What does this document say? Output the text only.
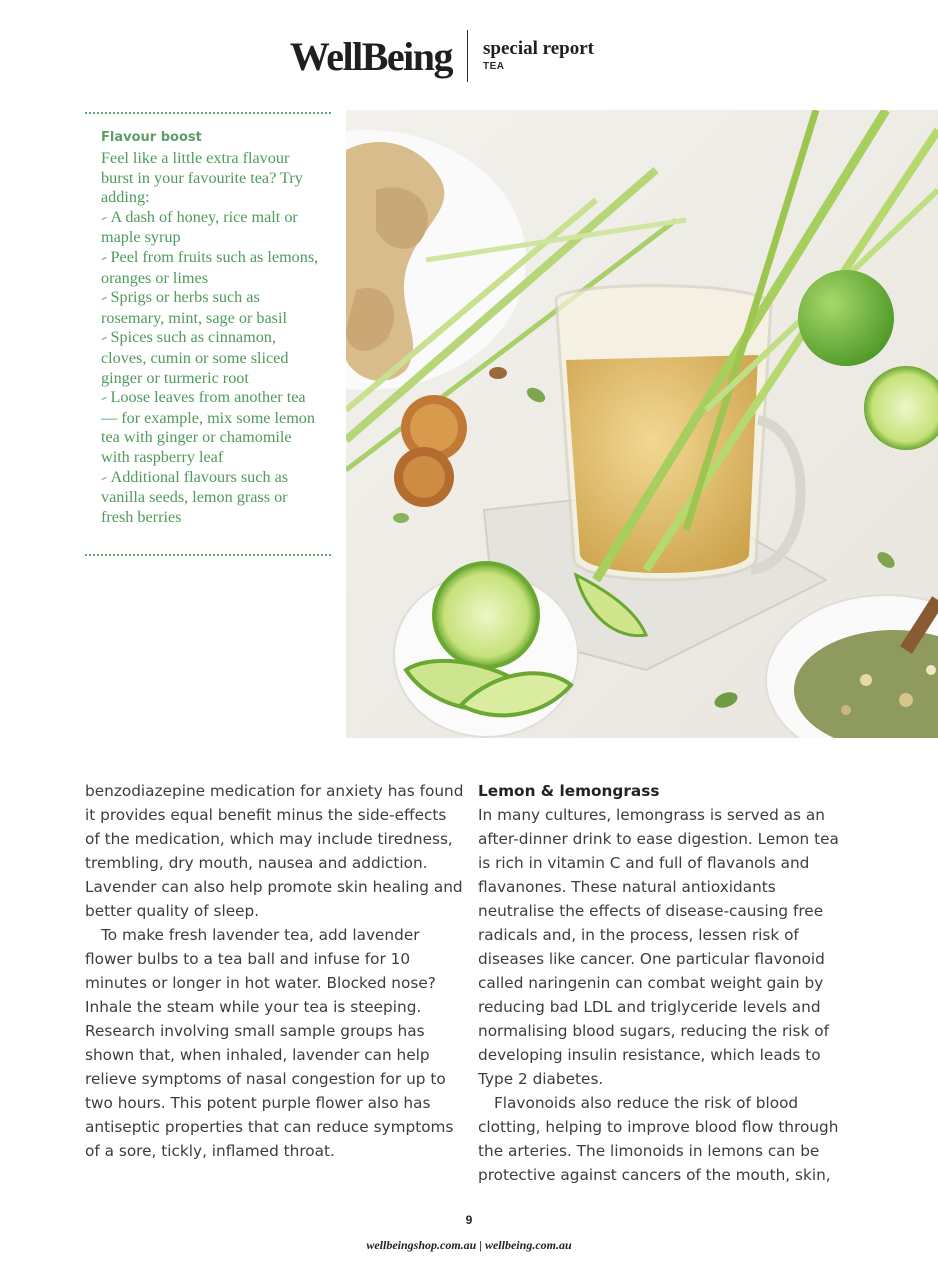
WellBeing special report
TEA
Flavour boost

Feel like a little extra flavour burst in your favourite tea? Try adding:

–A dash of honey, rice malt or maple syrup

–Peel from fruits such as lemons, oranges or limes

–Sprigs or herbs such as rosemary, mint, sage or basil

–Spices such as cinnamon, cloves, cumin or some sliced ginger or turmeric root

–Loose leaves from another tea — for example, mix some lemon tea with ginger or chamomile with raspberry leaf

–Additional flavours such as vanilla seeds, lemon grass or fresh berries

benzodiazepine medication for anxiety has found it provides equal benefit minus the side-effects of the medication, which may include tiredness, trembling, dry mouth, nausea and addiction. Lavender can also help promote skin healing and better quality of sleep.

To make fresh lavender tea, add lavender flower bulbs to a tea ball and infuse for 10 minutes or longer in hot water. Blocked nose? Inhale the steam while your tea is steeping. Research involving small sample groups has shown that, when inhaled, lavender can help relieve symptoms of nasal congestion for up to two hours. This potent purple flower also has antiseptic properties that can reduce symptoms of a sore, tickly, inflamed throat.

Lemon & lemongrass

In many cultures, lemongrass is served as an after-dinner drink to ease digestion. Lemon tea is rich in vitamin C and full of flavanols and flavanones. These natural antioxidants neutralise the effects of disease-causing free radicals and, in the process, lessen risk of diseases like cancer. One particular flavonoid called naringenin can combat weight gain by reducing bad LDL and triglyceride levels and normalising blood sugars, reducing the risk of developing insulin resistance, which leads to Type 2 diabetes.

Flavonoids also reduce the risk of blood clotting, helping to improve blood flow through the arteries. The limonoids in lemons can be protective against cancers of the mouth, skin,

9
wellbeingshop.com.au | wellbeing.com.au
